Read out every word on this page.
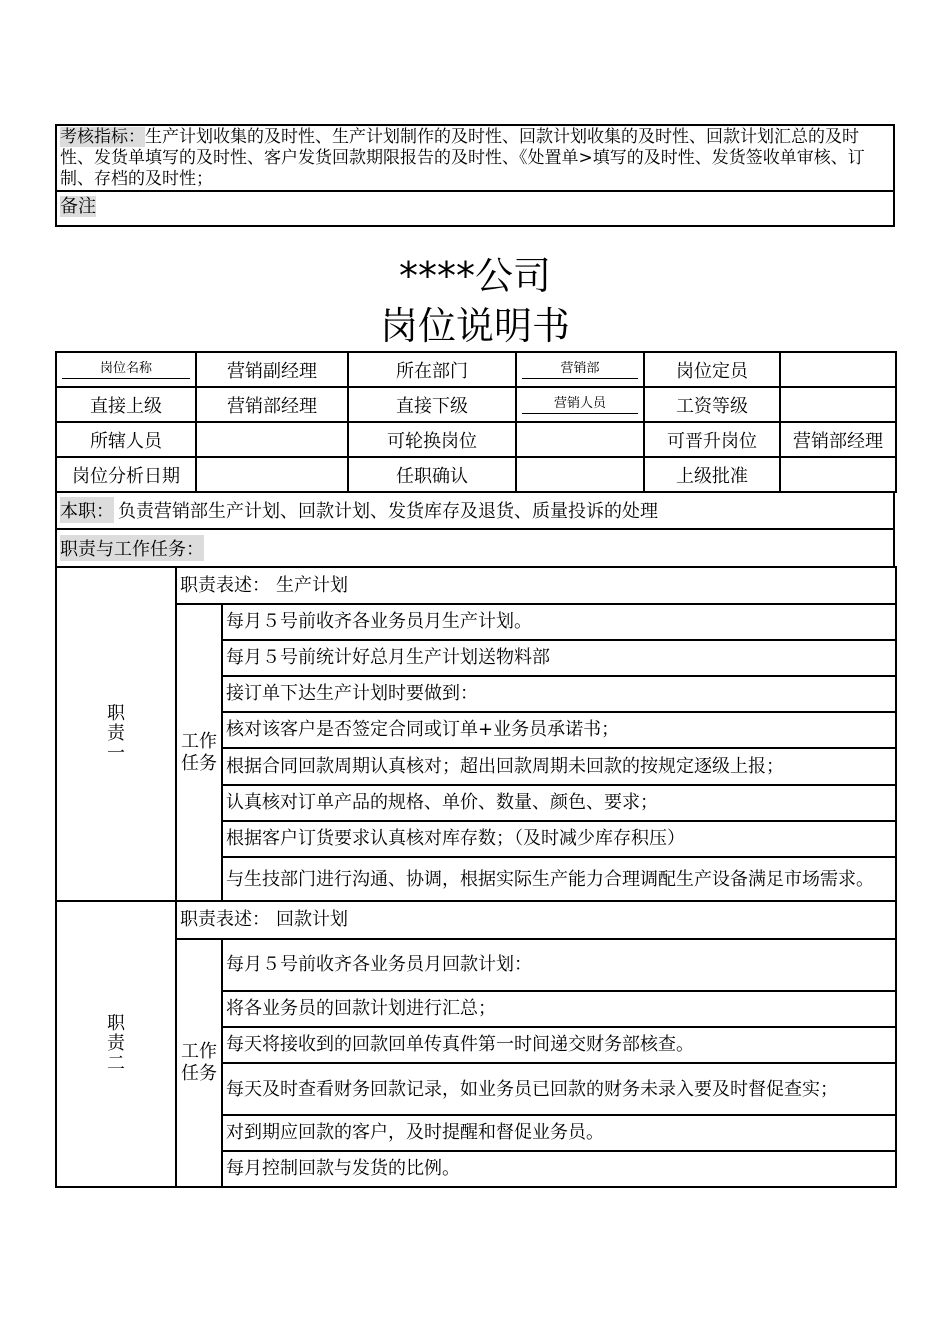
考核指标：生产计划收集的及时性、生产计划制作的及时性、回款计划收集的及时性、回款计划汇总的及时性、发货单填写的及时性、客户发货回款期限报告的及时性、《处置单>填写的及时性、发货签收单审核、订制、存档的及时性；
备注
****公司
岗位说明书
岗位名称	营销副经理	所在部门	营销部	岗位定员	
直接上级	营销部经理	直接下级	营销人员	工资等级	
所辖人员		可轮换岗位		可晋升岗位	营销部经理
岗位分析日期		任职确认		上级批准	
本职： 负责营销部生产计划、回款计划、发货库存及退货、质量投诉的处理
职责与工作任务：
职责一	职责表述： 生产计划	

	工作任务	每月５号前收齐各业务员月生产计划。
		每月５号前统计好总月生产计划送物料部
		接订单下达生产计划时要做到：
		核对该客户是否签定合同或订单+业务员承诺书；
		根据合同回款周期认真核对；超出回款周期未回款的按规定逐级上报；
		认真核对订单产品的规格、单价、数量、颜色、要求；
		根据客户订货要求认真核对库存数；（及时减少库存积压）
		与生技部门进行沟通、协调，根据实际生产能力合理调配生产设备满足市场需求。

职责二	职责表述： 回款计划	

	工作任务	每月５号前收齐各业务员月回款计划：
		将各业务员的回款计划进行汇总；
		每天将接收到的回款回单传真件第一时间递交财务部核查。
		每天及时查看财务回款记录，如业务员已回款的财务未录入要及时督促查实；
		对到期应回款的客户，及时提醒和督促业务员。
		每月控制回款与发货的比例。
